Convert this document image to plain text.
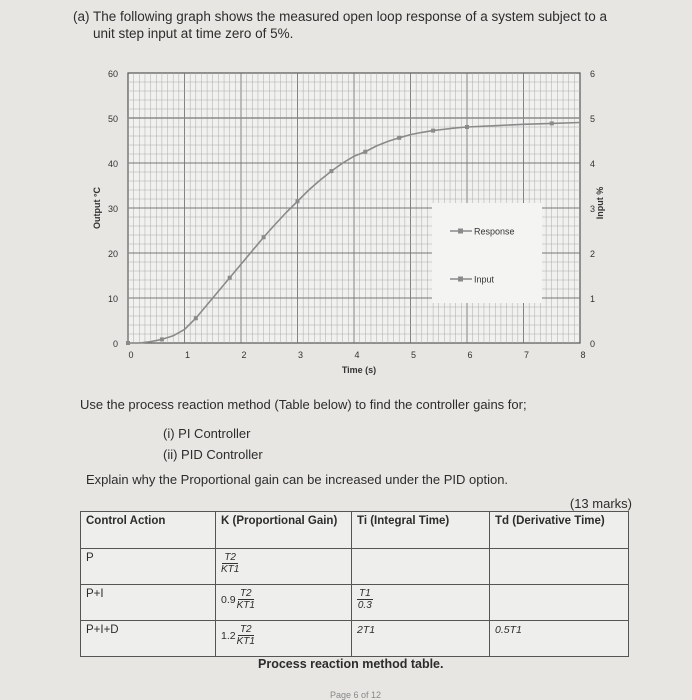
(a) The following graph shows the measured open loop response of a system subject to a
unit step input at time zero of 5%.
0
10
20
30
40
50
60
0
1
2
3
4
5
6
0	1	2	3	4	5	6	7	8
Time (s)
Output °C	Input %
Response
Input
Use the process reaction method (Table below) to find the controller gains for;
(i) PI Controller
(ii) PID Controller
Explain why the Proportional gain can be increased under the PID option.
(13 marks)
Control Action	K (Proportional Gain)	Ti (Integral Time)	Td (Derivative Time)
P	$\frac{T2}{KT1}$

P+I	$0.9 \frac{T2}{KT1}$	$\frac{T1}{0.3}$

P+I+D	$1.2 \frac{T2}{KT1}$	2T1	0.5T1
Process reaction method table.
Page 6 of 12
